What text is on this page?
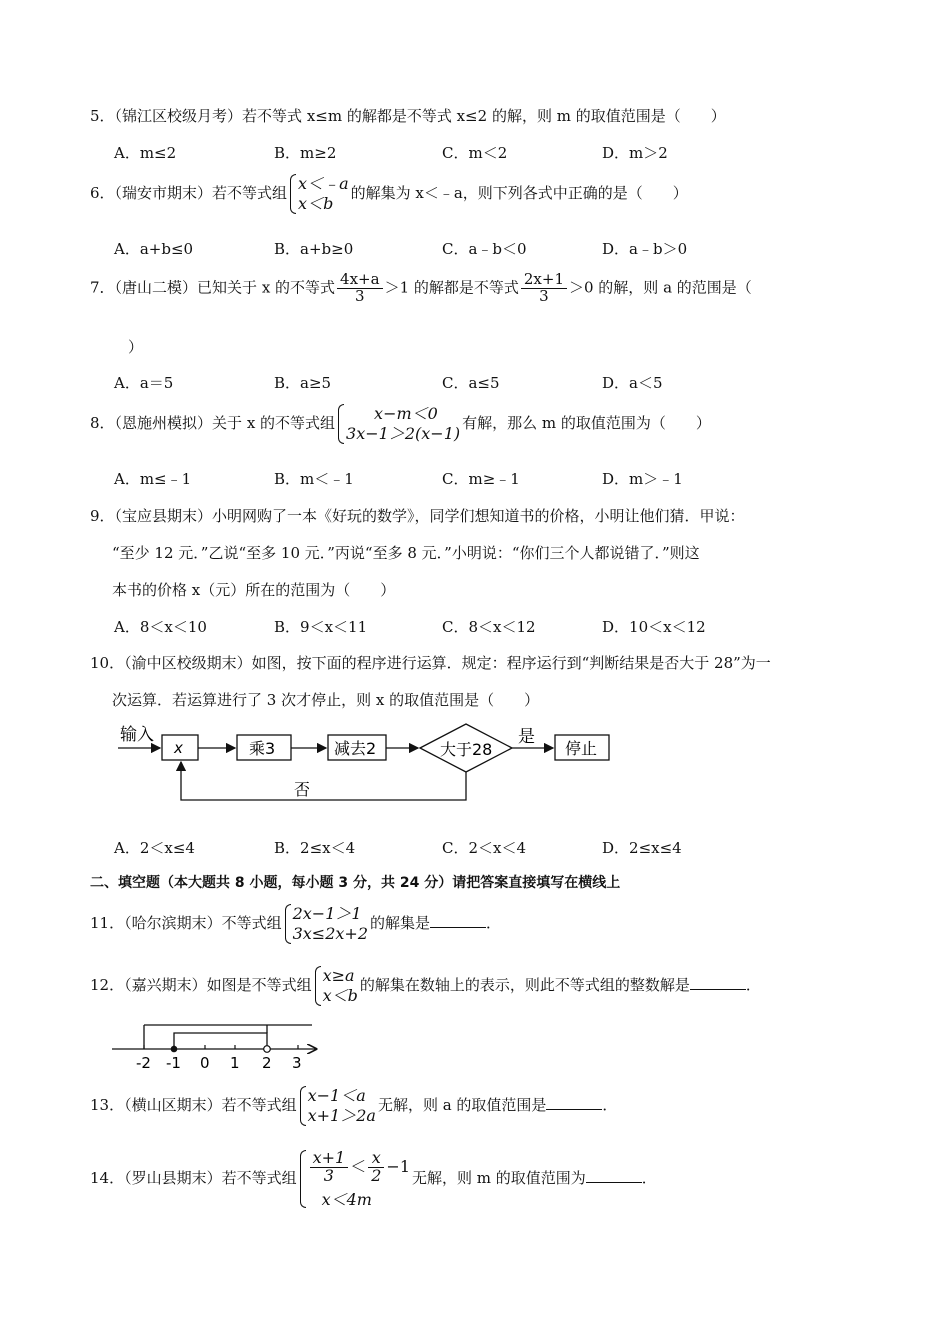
5．（锦江区校级月考）若不等式 x≤m 的解都是不等式 x≤2 的解，则 m 的取值范围是（　　）
A．m≤2	B．m≥2	C．m＜2	D．m＞2
6．（瑞安市期末）若不等式组 x＜﹣a
x＜b
的解集为 x＜﹣a，则下列各式中正确的是（　　）
A．a+b≤0	B．a+b≥0	C．a﹣b＜0	D．a﹣b＞0
7．（唐山二模）已知关于 x 的不等式 $\frac{4x+a}{3} >1$ 的解都是不等式 $\frac{2x+1}{3} >0$ 的解，则 a 的范围是（
）
A．a＝5	B．a≥5	C．a≤5	D．a＜5
8．（恩施州模拟）关于 x 的不等式组	x−m＜0
3x−1＞2(x−1)
有解，那么 m 的取值范围为（　　）
A．m≤﹣1	B．m＜﹣1	C．m≥﹣1	D．m＞﹣1
9．（宝应县期末）小明网购了一本《好玩的数学》，同学们想知道书的价格，小明让他们猜．甲说：
“至少 12 元．”乙说“至多 10 元．”丙说“至多 8 元．”小明说：“你们三个人都说错了．”则这
本书的价格 x（元）所在的范围为（　　）
A．8＜x＜10	B．9＜x＜11	C．8＜x＜12	D．10＜x＜12
10．（渝中区校级期末）如图，按下面的程序进行运算．规定：程序运行到“判断结果是否大于 28”为一
次运算．若运算进行了 3 次才停止，则 x 的取值范围是（　　）
输入
x	乘3	减去2	大于28
是
停止
否
A．2＜x≤4	B．2≤x＜4	C．2＜x＜4	D．2≤x≤4
二、填空题（本大题共 8 小题，每小题 3 分，共 24 分）请把答案直接填写在横线上
11．（哈尔滨期末）不等式组 2x−1＞1
3x≤2x+2
的解集是	．
12．（嘉兴期末）如图是不等式组 x≥a
x＜b
的解集在数轴上的表示，则此不等式组的整数解是	．
-2 -1 0 1 2 3
13．（横山区期末）若不等式组 x−1＜a
x+1＞2a
无解，则 a 的取值范围是	．
14．（罗山县期末）若不等式组 $\frac{x+1}{3} < \frac{x}{2} -1$
x＜4m
无解，则 m 的取值范围为	．
